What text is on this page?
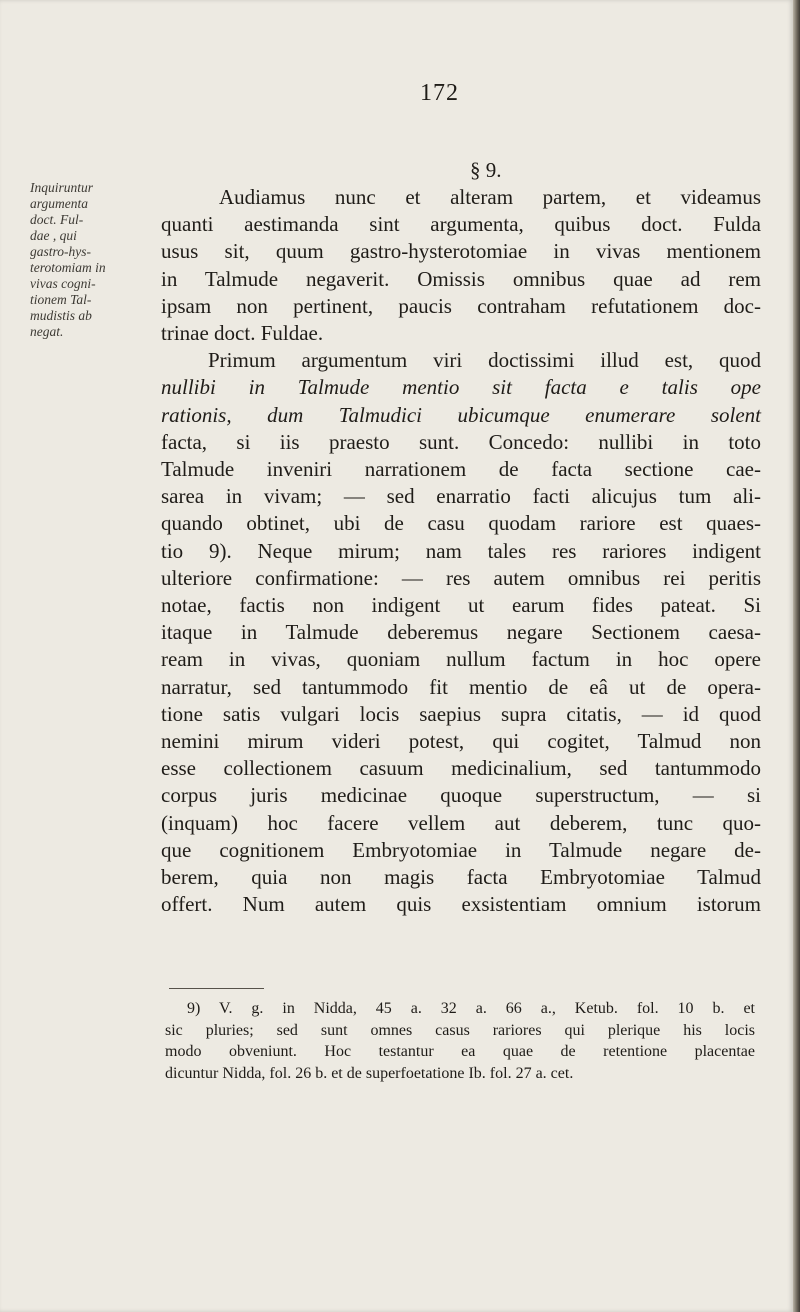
172
§ 9.
Inquiruntur
argumenta
doct. Ful-
dae , qui
gastro-hys-
terotomiam in
vivas cogni-
tionem Tal-
mudistis ab
negat.
Audiamus nunc et alteram partem, et videamus
quanti aestimanda sint argumenta, quibus doct. Fulda
usus sit, quum gastro-hysterotomiae in vivas mentionem
in Talmude negaverit. Omissis omnibus quae ad rem
ipsam non pertinent, paucis contraham refutationem doc-
trinae doct. Fuldae.
Primum argumentum viri doctissimi illud est, quod
nullibi in Talmude mentio sit facta e talis ope
rationis, dum Talmudici ubicumque enumerare solent
facta, si iis praesto sunt. Concedo: nullibi in toto
Talmude inveniri narrationem de facta sectione cae-
sarea in vivam; — sed enarratio facti alicujus tum ali-
quando obtinet, ubi de casu quodam rariore est quaes-
tio 9). Neque mirum; nam tales res rariores indigent
ulteriore confirmatione: — res autem omnibus rei peritis
notae, factis non indigent ut earum fides pateat. Si
itaque in Talmude deberemus negare Sectionem caesa-
ream in vivas, quoniam nullum factum in hoc opere
narratur, sed tantummodo fit mentio de eâ ut de opera-
tione satis vulgari locis saepius supra citatis, — id quod
nemini mirum videri potest, qui cogitet, Talmud non
esse collectionem casuum medicinalium, sed tantummodo
corpus juris medicinae quoque superstructum, — si
(inquam) hoc facere vellem aut deberem, tunc quo-
que cognitionem Embryotomiae in Talmude negare de-
berem, quia non magis facta Embryotomiae Talmud
offert. Num autem quis exsistentiam omnium istorum
9) V. g. in Nidda, 45 a. 32 a. 66 a., Ketub. fol. 10 b. et
sic pluries; sed sunt omnes casus rariores qui plerique his locis
modo obveniunt. Hoc testantur ea quae de retentione placentae
dicuntur Nidda, fol. 26 b. et de superfoetatione Ib. fol. 27 a. cet.
